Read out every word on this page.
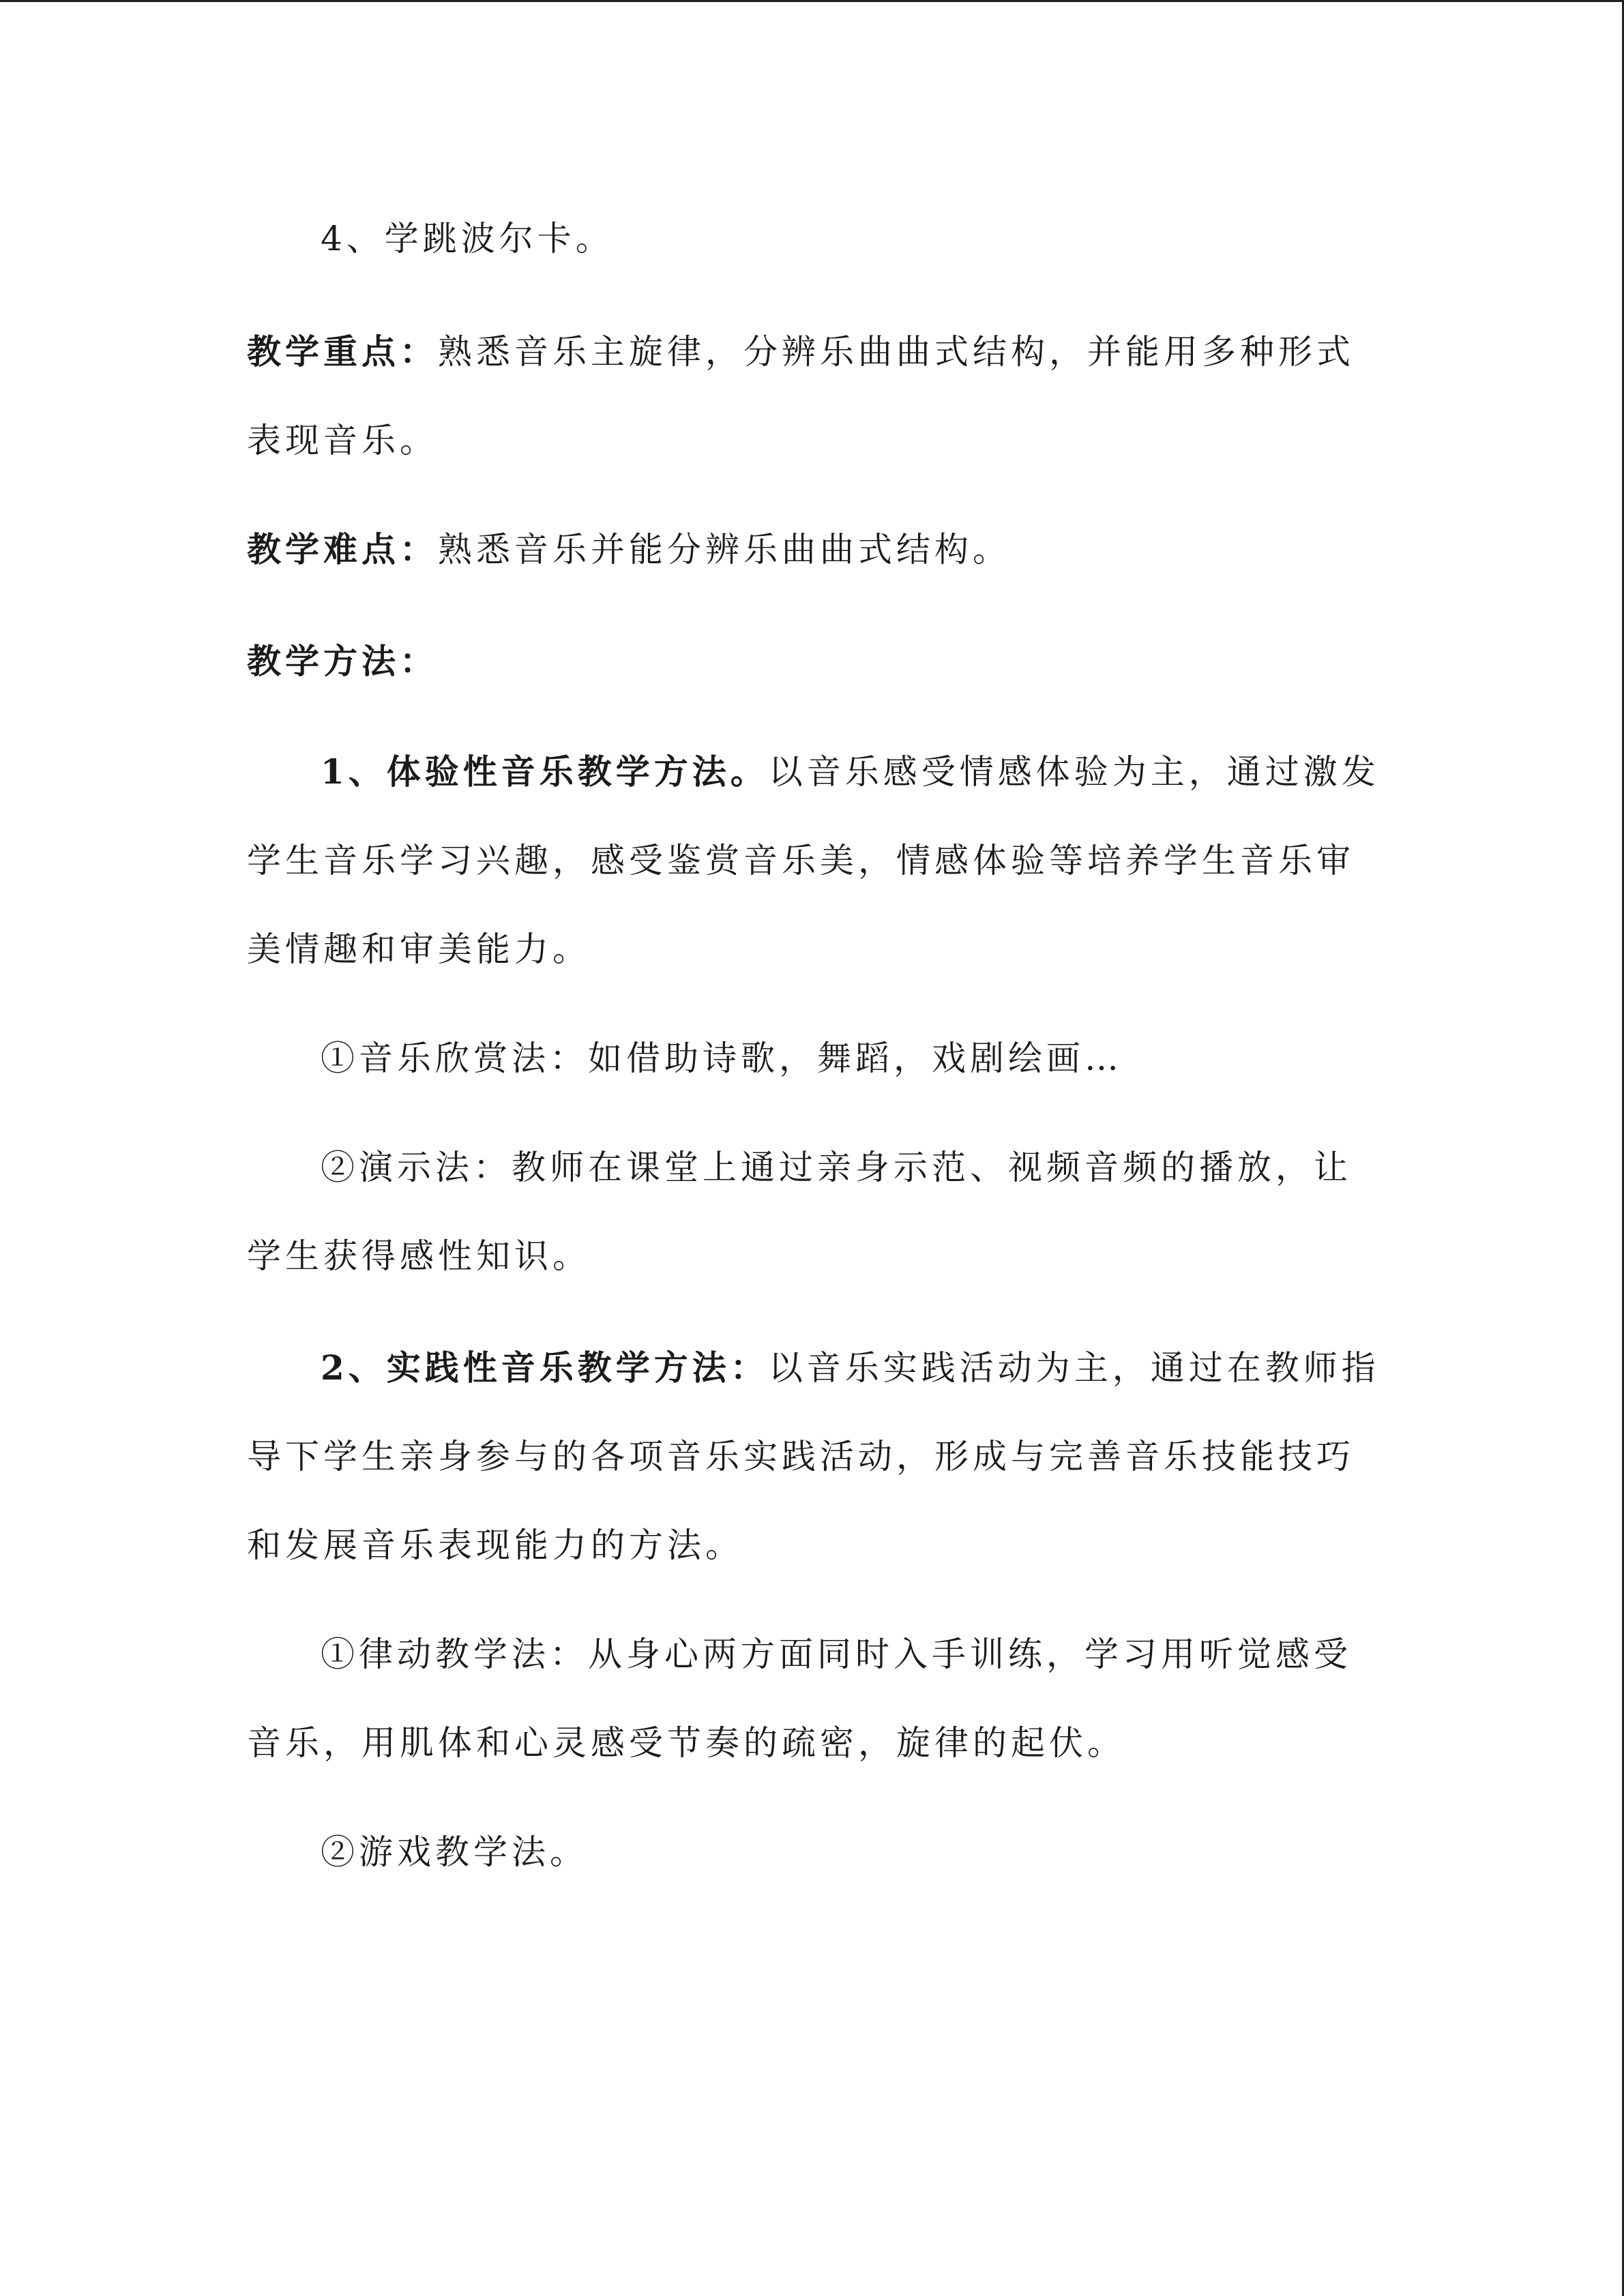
4、学跳波尔卡。
教学重点：熟悉音乐主旋律，分辨乐曲曲式结构，并能用多种形式
表现音乐。
教学难点：熟悉音乐并能分辨乐曲曲式结构。
教学方法：
1、体验性音乐教学方法。以音乐感受情感体验为主，通过激发
学生音乐学习兴趣，感受鉴赏音乐美，情感体验等培养学生音乐审
美情趣和审美能力。
①音乐欣赏法：如借助诗歌，舞蹈，戏剧绘画…
②演示法：教师在课堂上通过亲身示范、视频音频的播放，让
学生获得感性知识。
2、实践性音乐教学方法：以音乐实践活动为主，通过在教师指
导下学生亲身参与的各项音乐实践活动，形成与完善音乐技能技巧
和发展音乐表现能力的方法。
①律动教学法：从身心两方面同时入手训练，学习用听觉感受
音乐，用肌体和心灵感受节奏的疏密，旋律的起伏。
②游戏教学法。
